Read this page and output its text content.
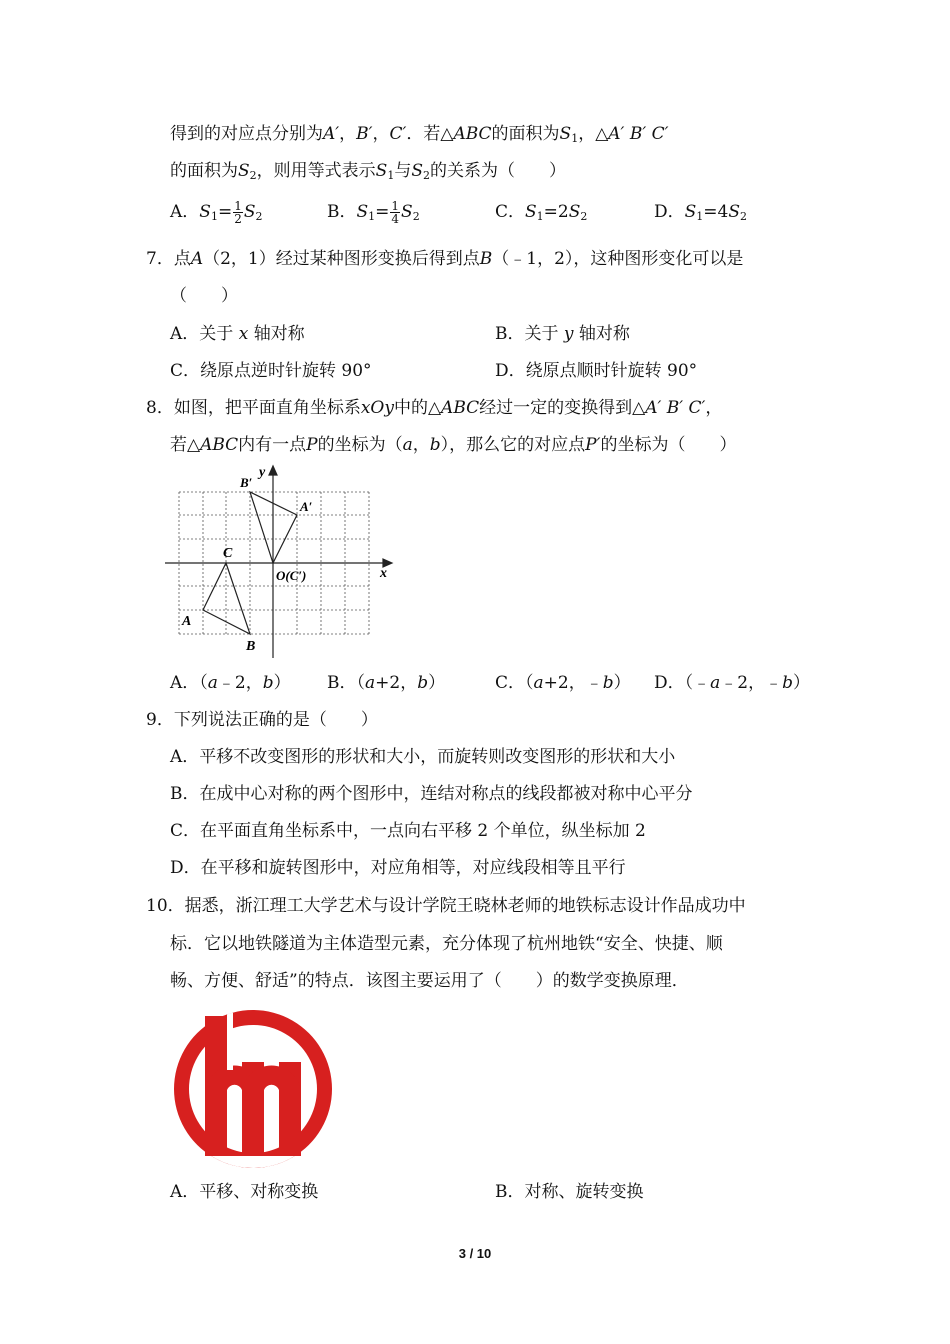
得到的对应点分别为A′，B′，C′．若△ABC的面积为$S_1$，△A′ B′ C′
的面积为$S_2$，则用等式表示$S_1$与$S_2$的关系为（　　）
A．$S_1= \frac{1}{2} S_2$	B．$S_1= \frac{1}{4} S_2$	C．$S_1=2S_2$	D．$S_1=4S_2$
7．点A（2，1）经过某种图形变换后得到点B（﹣1，2），这种图形变化可以是
（　　）
A．关于 x 轴对称	B．关于 y 轴对称
C．绕原点逆时针旋转 90°	D．绕原点顺时针旋转 90°
8．如图，把平面直角坐标系xOy中的△ABC经过一定的变换得到△A′ B′ C′，
若△ABC内有一点P的坐标为（a，b），那么它的对应点P′的坐标为（　　）
x
y
A
B
C
A′
B′
O(C′)
A．（a﹣2，b） B．（a+2，b）	C．（a+2，﹣b） D．（﹣a﹣2，﹣b）
9．下列说法正确的是（　　）
A．平移不改变图形的形状和大小，而旋转则改变图形的形状和大小
B．在成中心对称的两个图形中，连结对称点的线段都被对称中心平分
C．在平面直角坐标系中，一点向右平移 2 个单位，纵坐标加 2
D．在平移和旋转图形中，对应角相等，对应线段相等且平行
10．据悉，浙江理工大学艺术与设计学院王晓林老师的地铁标志设计作品成功中
标．它以地铁隧道为主体造型元素，充分体现了杭州地铁“安全、快捷、顺
畅、方便、舒适”的特点．该图主要运用了（　　）的数学变换原理．
A．平移、对称变换	B．对称、旋转变换
3 / 10
